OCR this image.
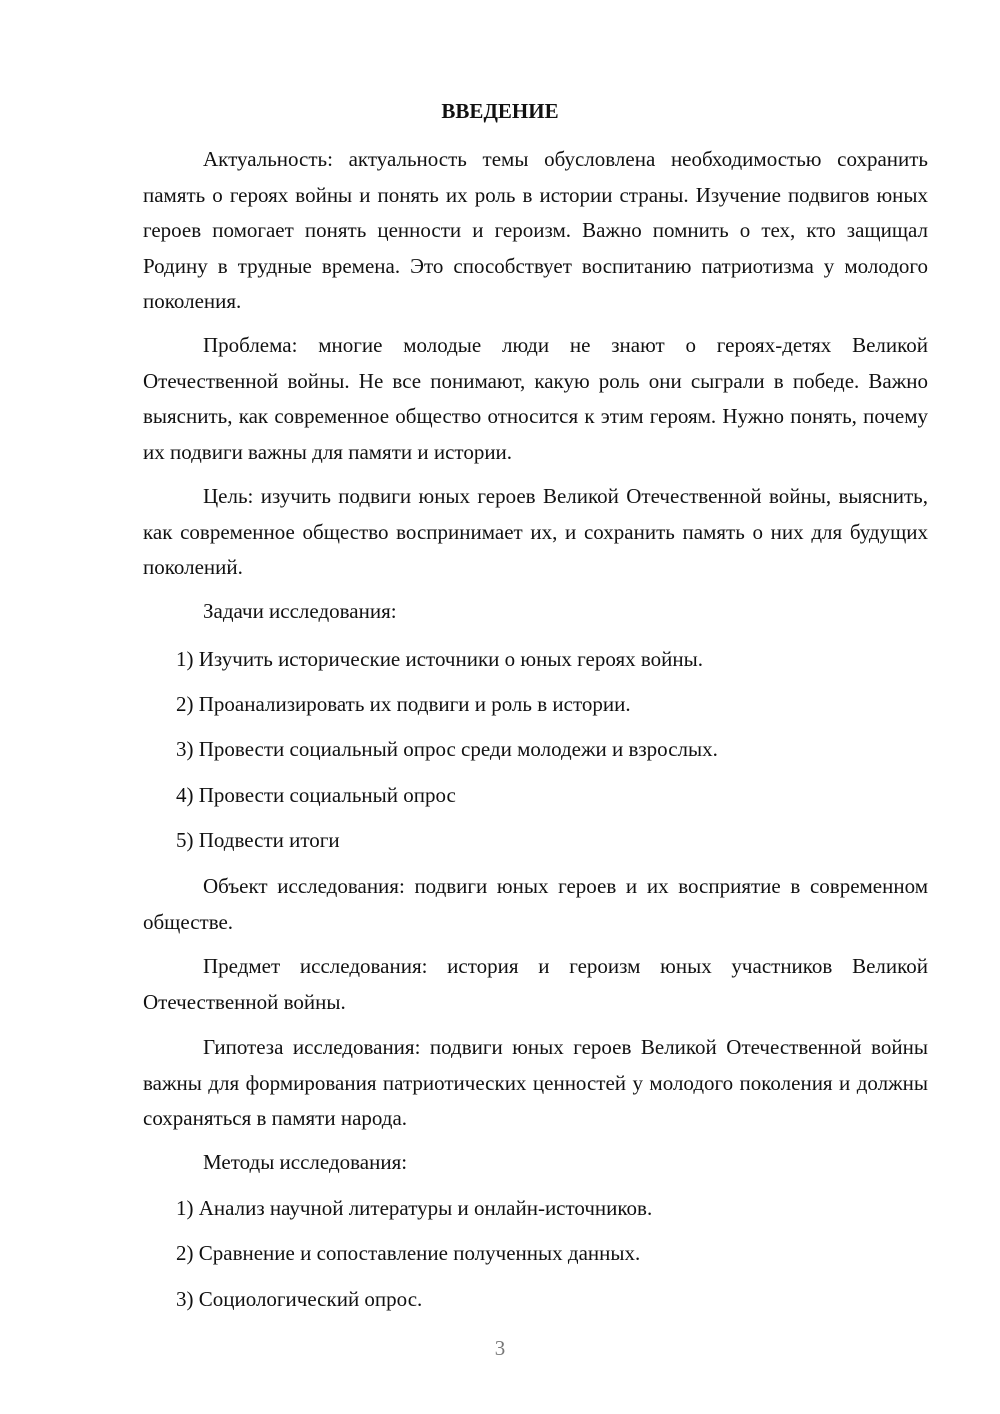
ВВЕДЕНИЕ

Актуальность: актуальность темы обусловлена необходимостью сохранить память о героях войны и понять их роль в истории страны. Изучение подвигов юных героев помогает понять ценности и героизм. Важно помнить о тех, кто защищал Родину в трудные времена. Это способствует воспитанию патриотизма у молодого поколения.

Проблема: многие молодые люди не знают о героях-детях Великой Отечественной войны. Не все понимают, какую роль они сыграли в победе. Важно выяснить, как современное общество относится к этим героям. Нужно понять, почему их подвиги важны для памяти и истории.

Цель: изучить подвиги юных героев Великой Отечественной войны, выяснить, как современное общество воспринимает их, и сохранить память о них для будущих поколений.

Задачи исследования:

1) Изучить исторические источники о юных героях войны.

2) Проанализировать их подвиги и роль в истории.

3) Провести социальный опрос среди молодежи и взрослых.

4) Провести социальный опрос

5) Подвести итоги

Объект исследования: подвиги юных героев и их восприятие в современном обществе.

Предмет исследования: история и героизм юных участников Великой Отечественной войны.

Гипотеза исследования: подвиги юных героев Великой Отечественной войны важны для формирования патриотических ценностей у молодого поколения и должны сохраняться в памяти народа.

Методы исследования:

1) Анализ научной литературы и онлайн-источников.

2) Сравнение и сопоставление полученных данных.

3) Социологический опрос.

3
